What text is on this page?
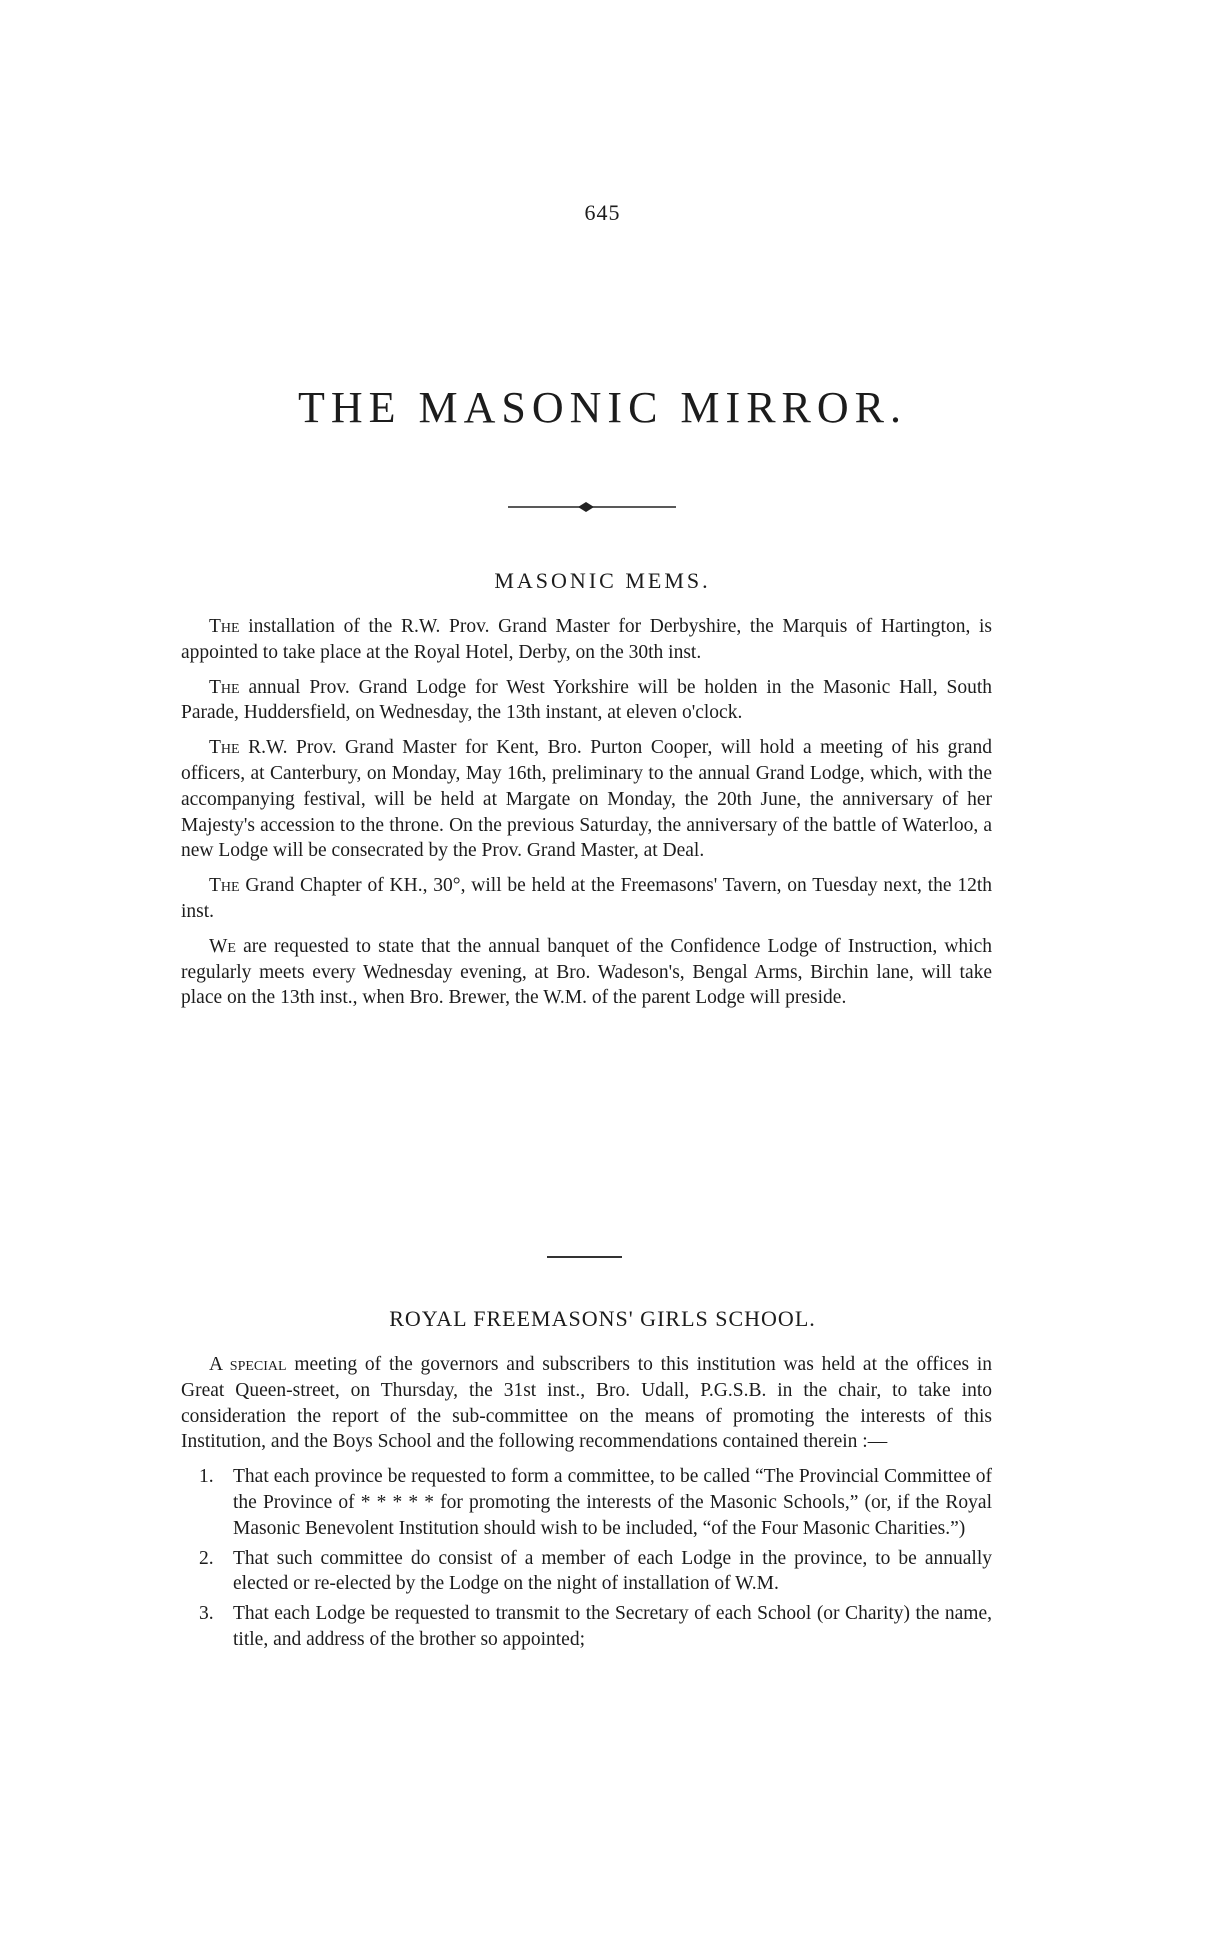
645
THE MASONIC MIRROR.
MASONIC MEMS.

The installation of the R.W. Prov. Grand Master for Derbyshire, the Marquis of Hartington, is appointed to take place at the Royal Hotel, Derby, on the 30th inst.

The annual Prov. Grand Lodge for West Yorkshire will be holden in the Masonic Hall, South Parade, Huddersfield, on Wednesday, the 13th instant, at eleven o'clock.

The R.W. Prov. Grand Master for Kent, Bro. Purton Cooper, will hold a meeting of his grand officers, at Canterbury, on Monday, May 16th, preliminary to the annual Grand Lodge, which, with the accompanying festival, will be held at Margate on Monday, the 20th June, the anniversary of her Majesty's accession to the throne. On the previous Saturday, the anniversary of the battle of Waterloo, a new Lodge will be consecrated by the Prov. Grand Master, at Deal.

The Grand Chapter of KH., 30°, will be held at the Freemasons' Tavern, on Tuesday next, the 12th inst.

We are requested to state that the annual banquet of the Confidence Lodge of Instruction, which regularly meets every Wednesday evening, at Bro. Wadeson's, Bengal Arms, Birchin lane, will take place on the 13th inst., when Bro. Brewer, the W.M. of the parent Lodge will preside.

ROYAL FREEMASONS' GIRLS SCHOOL.

A special meeting of the governors and subscribers to this institution was held at the offices in Great Queen-street, on Thursday, the 31st inst., Bro. Udall, P.G.S.B. in the chair, to take into consideration the report of the sub-committee on the means of promoting the interests of this Institution, and the Boys School and the following recommendations contained therein :—

1. That each province be requested to form a committee, to be called “The Provincial Committee of the Province of * * * * * for promoting the interests of the Masonic Schools,” (or, if the Royal Masonic Benevolent Institution should wish to be included, “of the Four Masonic Charities.”)
2. That such committee do consist of a member of each Lodge in the province, to be annually elected or re-elected by the Lodge on the night of installation of W.M.
3. That each Lodge be requested to transmit to the Secretary of each School (or Charity) the name, title, and address of the brother so appointed;
